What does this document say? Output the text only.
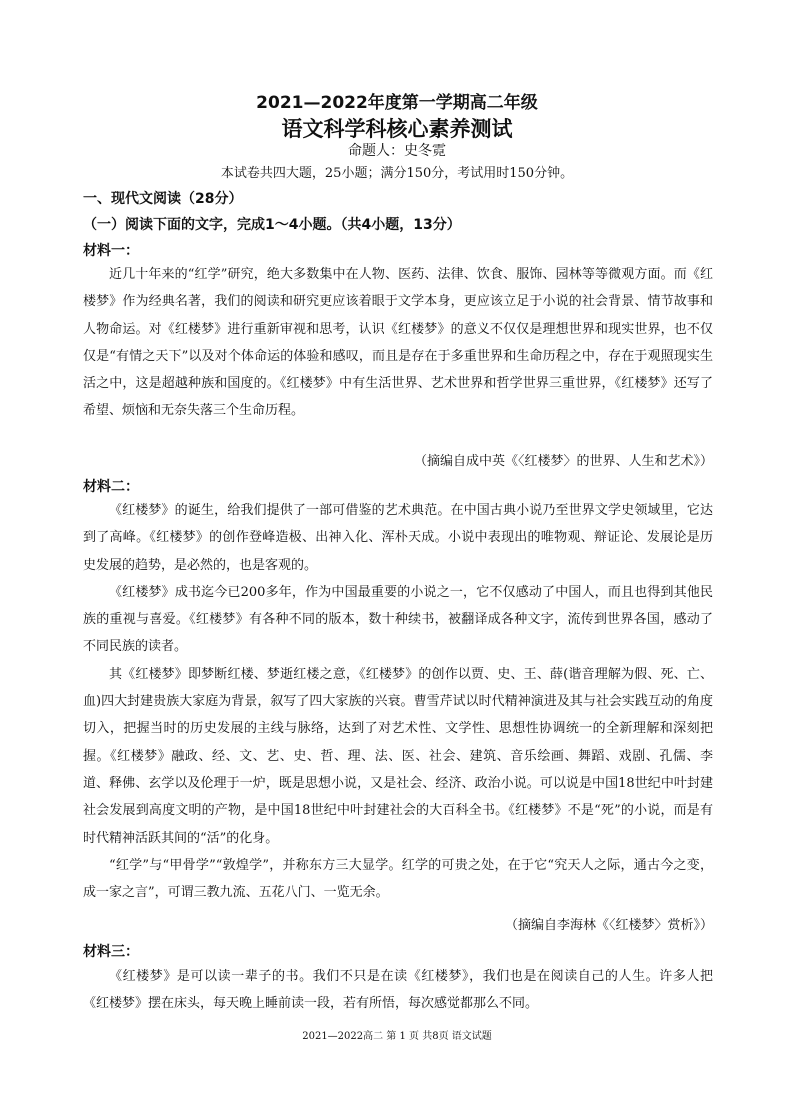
2021—2022年度第一学期高二年级
语文科学科核心素养测试
命题人：史冬霓
本试卷共四大题，25小题；满分150分，考试用时150分钟。
一、现代文阅读（28分）
（一）阅读下面的文字，完成1～4小题。（共4小题，13分）
材料一：

近几十年来的“红学”研究，绝大多数集中在人物、医药、法律、饮食、服饰、园林等等微观方面。而《红楼梦》作为经典名著，我们的阅读和研究更应该着眼于文学本身，更应该立足于小说的社会背景、情节故事和人物命运。对《红楼梦》进行重新审视和思考，认识《红楼梦》的意义不仅仅是理想世界和现实世界，也不仅仅是“有情之天下”以及对个体命运的体验和感叹，而且是存在于多重世界和生命历程之中，存在于观照现实生活之中，这是超越种族和国度的。《红楼梦》中有生活世界、艺术世界和哲学世界三重世界，《红楼梦》还写了希望、烦恼和无奈失落三个生命历程。

（摘编自成中英《〈红楼梦〉的世界、人生和艺术》）
材料二：

《红楼梦》的诞生，给我们提供了一部可借鉴的艺术典范。在中国古典小说乃至世界文学史领域里，它达到了高峰。《红楼梦》的创作登峰造极、出神入化、浑朴天成。小说中表现出的唯物观、辩证论、发展论是历史发展的趋势，是必然的，也是客观的。

《红楼梦》成书迄今已200多年，作为中国最重要的小说之一，它不仅感动了中国人，而且也得到其他民族的重视与喜爱。《红楼梦》有各种不同的版本，数十种续书，被翻译成各种文字，流传到世界各国，感动了不同民族的读者。

其《红楼梦》即梦断红楼、梦逝红楼之意，《红楼梦》的创作以贾、史、王、薛(谐音理解为假、死、亡、血)四大封建贵族大家庭为背景，叙写了四大家族的兴衰。曹雪芹试以时代精神演进及其与社会实践互动的角度切入，把握当时的历史发展的主线与脉络，达到了对艺术性、文学性、思想性协调统一的全新理解和深刻把握。《红楼梦》融政、经、文、艺、史、哲、理、法、医、社会、建筑、音乐绘画、舞蹈、戏剧、孔儒、李道、释佛、玄学以及伦理于一炉，既是思想小说，又是社会、经济、政治小说。可以说是中国18世纪中叶封建社会发展到高度文明的产物，是中国18世纪中叶封建社会的大百科全书。《红楼梦》不是“死”的小说，而是有时代精神活跃其间的“活”的化身。

“红学”与“甲骨学”“敦煌学”，并称东方三大显学。红学的可贵之处，在于它“究天人之际，通古今之变，成一家之言”，可谓三教九流、五花八门、一览无余。

（摘编自李海林《〈红楼梦〉赏析》）
材料三：

《红楼梦》是可以读一辈子的书。我们不只是在读《红楼梦》，我们也是在阅读自己的人生。许多人把《红楼梦》摆在床头，每天晚上睡前读一段，若有所悟，每次感觉都那么不同。

2021—2022高二 第 1 页 共8页 语文试题
